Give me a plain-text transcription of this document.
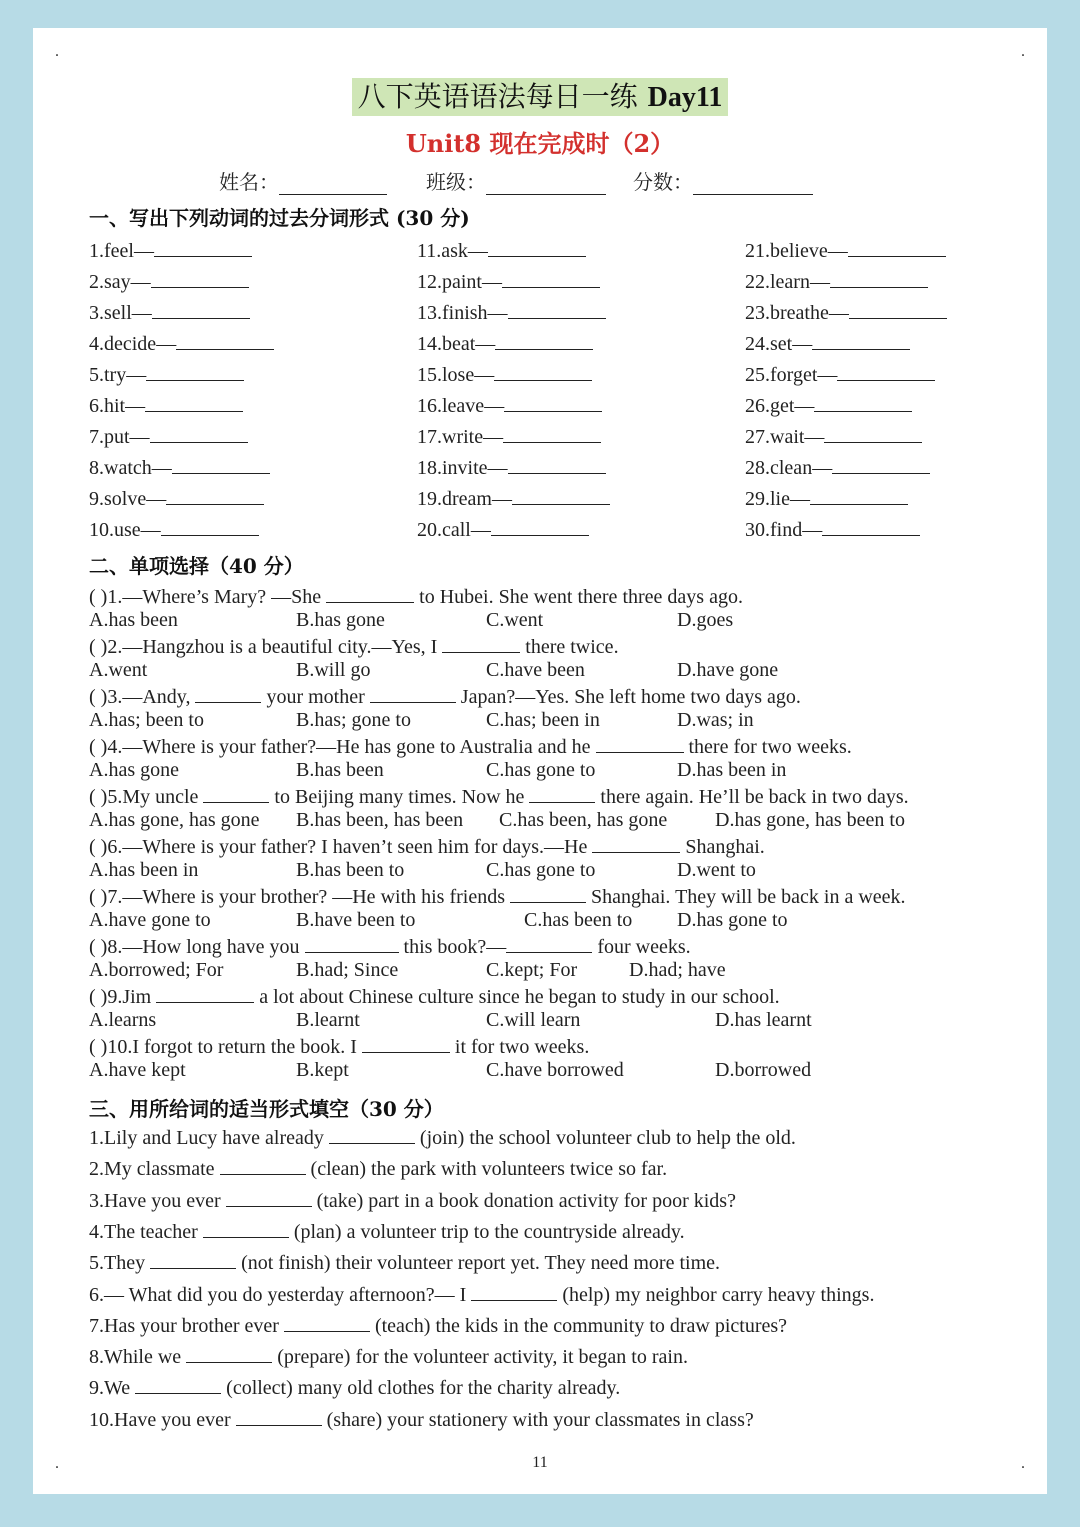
.	.
.	.
八下英语语法每日一练 Day11
Unit8 现在完成时（2）
姓名：	班级：	分数：
一、写出下列动词的过去分词形式 (30 分)
1.feel—
2.say—
3.sell—
4.decide—
5.try—
6.hit—
7.put—
8.watch—
9.solve—
10.use—
11.ask—
12.paint—
13.finish—
14.beat—
15.lose—
16.leave—
17.write—
18.invite—
19.dream—
20.call—
21.believe—
22.learn—
23.breathe—
24.set—
25.forget—
26.get—
27.wait—
28.clean—
29.lie—
30.find—
二、单项选择（40 分）
( )1.—Where’s Mary? —She	to Hubei. She went there three days ago.
A.has been	B.has gone	C.went	D.goes
( )2.—Hangzhou is a beautiful city.—Yes, I	there twice.
A.went	B.will go	C.have been	D.have gone
( )3.—Andy,	your mother	Japan?—Yes. She left home two days ago.
A.has; been to	B.has; gone to	C.has; been in	D.was; in
( )4.—Where is your father?—He has gone to Australia and he	there for two weeks.
A.has gone	B.has been	C.has gone to	D.has been in
( )5.My uncle	to Beijing many times. Now he	there again. He’ll be back in two days.
A.has gone, has gone B.has been, has been C.has been, has gone D.has gone, has been to
( )6.—Where is your father? I haven’t seen him for days.—He	Shanghai.
A.has been in	B.has been to	C.has gone to	D.went to
( )7.—Where is your brother? —He with his friends	Shanghai. They will be back in a week.
A.have gone to	B.have been to	C.has been to D.has gone to
( )8.—How long have you	this book?—	four weeks.
A.borrowed; For	B.had; Since	C.kept; For	D.had; have
( )9.Jim	a lot about Chinese culture since he began to study in our school.
A.learns	B.learnt	C.will learn	D.has learnt
( )10.I forgot to return the book. I	it for two weeks.
A.have kept	B.kept	C.have borrowed	D.borrowed
三、用所给词的适当形式填空（30 分）
1.Lily and Lucy have already	(join) the school volunteer club to help the old.
2.My classmate	(clean) the park with volunteers twice so far.
3.Have you ever	(take) part in a book donation activity for poor kids?
4.The teacher	(plan) a volunteer trip to the countryside already.
5.They	(not finish) their volunteer report yet. They need more time.
6.— What did you do yesterday afternoon?— I	(help) my neighbor carry heavy things.
7.Has your brother ever	(teach) the kids in the community to draw pictures?
8.While we	(prepare) for the volunteer activity, it began to rain.
9.We	(collect) many old clothes for the charity already.
10.Have you ever	(share) your stationery with your classmates in class?
11
